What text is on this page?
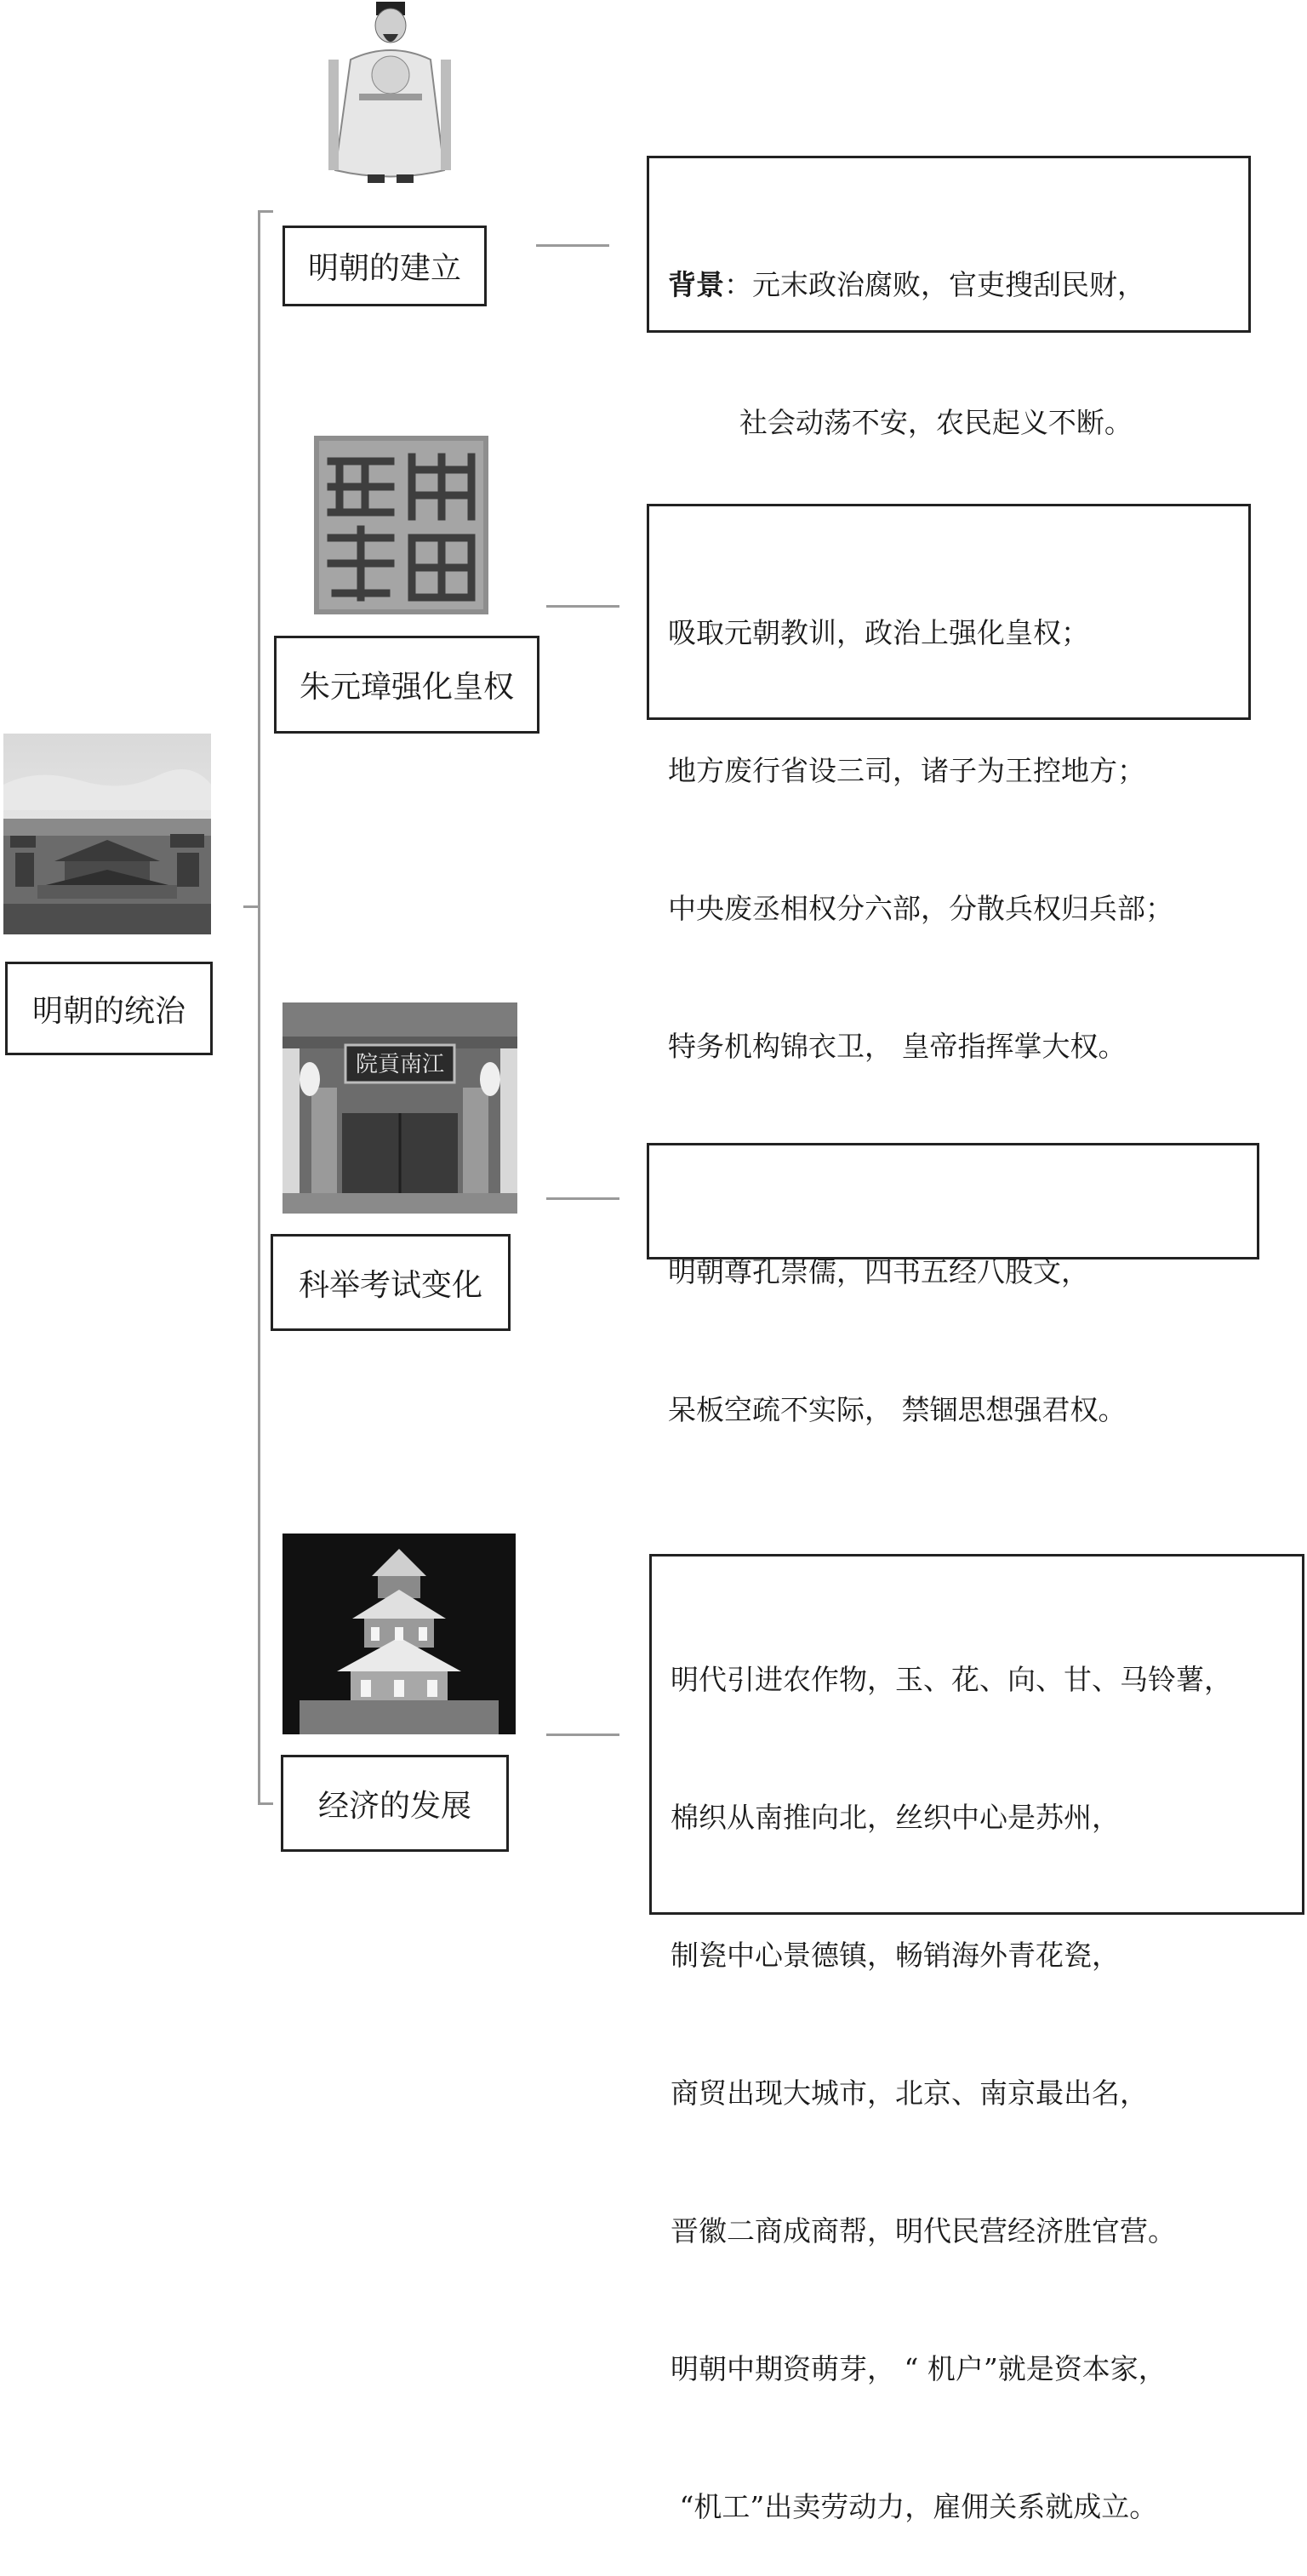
明朝的统治
明朝的建立

	背景：元末政治腐败，官吏搜刮民财，

社会动荡不安，农民起义不断。

朱元璋强化皇权

吸取元朝教训，政治上强化皇权；

地方废行省设三司，诸子为王控地方；

中央废丞相权分六部，分散兵权归兵部；

特务机构锦衣卫， 皇帝指挥掌大权。

院貢南江
科举考试变化

	明朝尊孔崇儒，四书五经八股文，

呆板空疏不实际， 禁锢思想强君权。

经济的发展

明代引进农作物，玉、花、向、甘、马铃薯，

棉织从南推向北，丝织中心是苏州，

制瓷中心景德镇，畅销海外青花瓷，

商贸出现大城市，北京、南京最出名，

晋徽二商成商帮，明代民营经济胜官营。

明朝中期资萌芽， “ 机户”就是资本家，

“机工”出卖劳动力，雇佣关系就成立。
